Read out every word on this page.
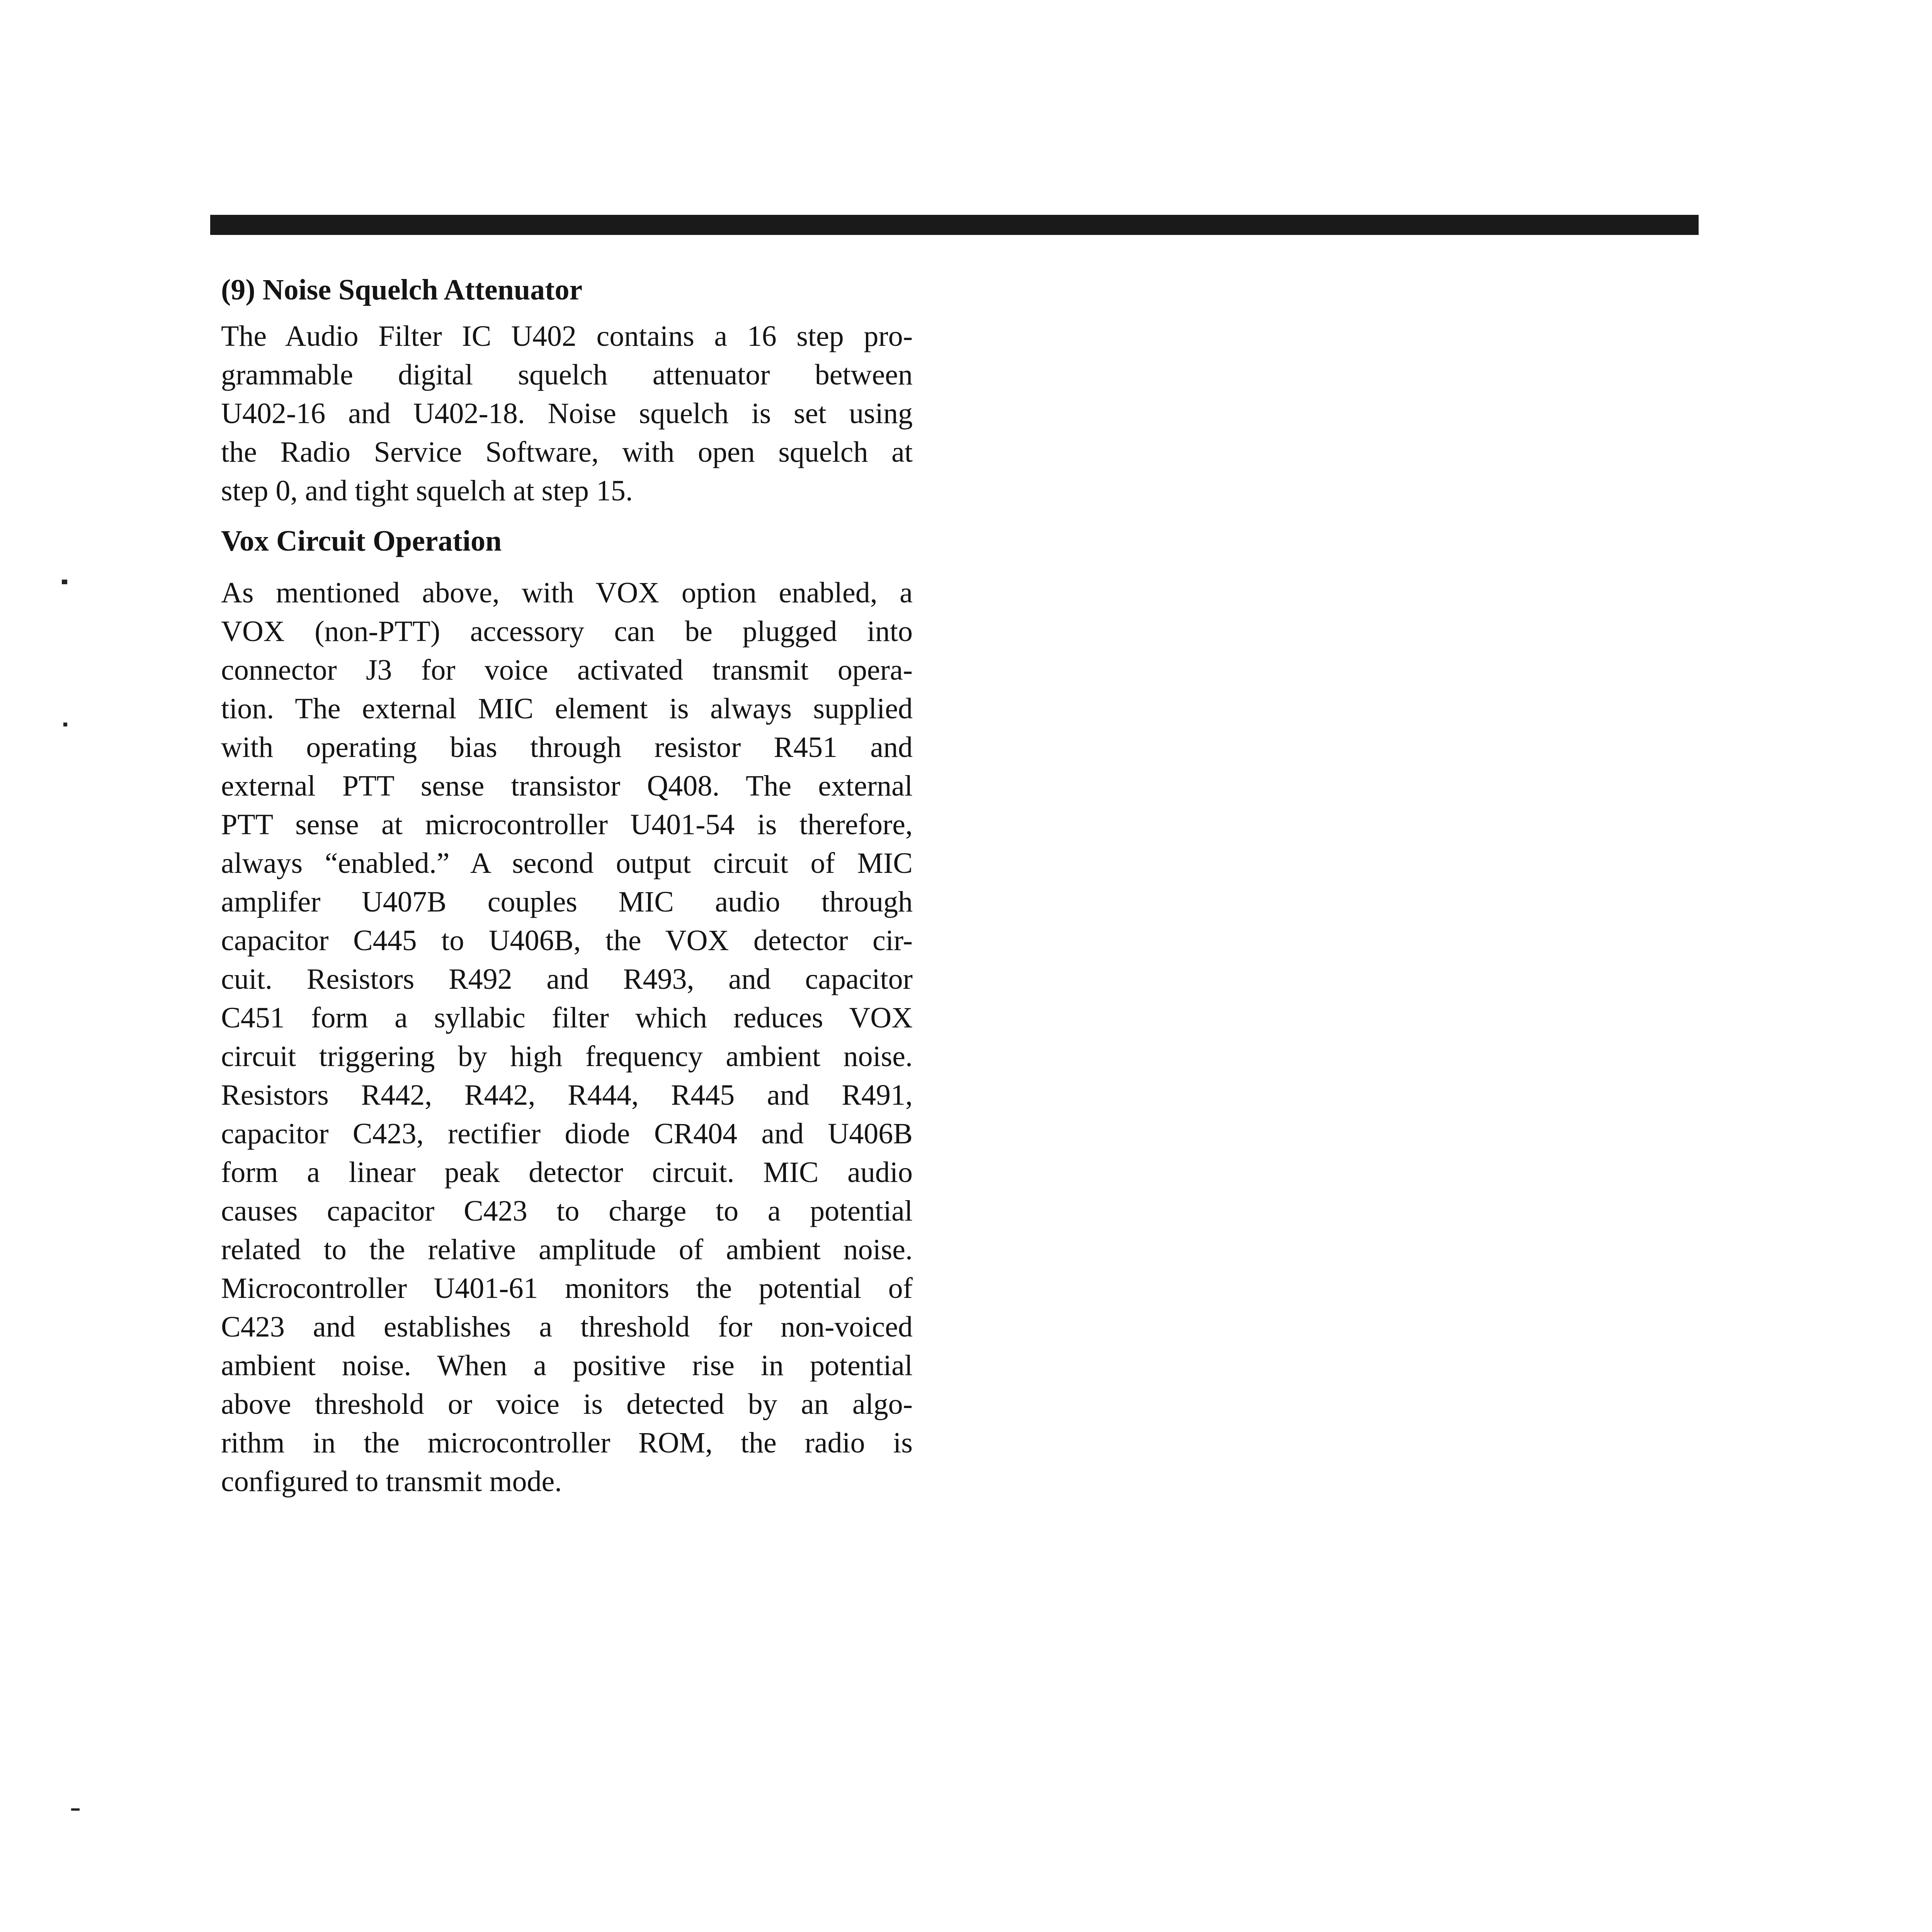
(9) Noise Squelch Attenuator
The Audio Filter IC U402 contains a 16 step pro-
grammable digital squelch attenuator between
U402-16 and U402-18. Noise squelch is set using
the Radio Service Software, with open squelch at
step 0, and tight squelch at step 15.
Vox Circuit Operation
As mentioned above, with VOX option enabled, a
VOX (non-PTT) accessory can be plugged into
connector J3 for voice activated transmit opera-
tion. The external MIC element is always supplied
with operating bias through resistor R451 and
external PTT sense transistor Q408. The external
PTT sense at microcontroller U401-54 is therefore,
always “enabled.” A second output circuit of MIC
amplifer U407B couples MIC audio through
capacitor C445 to U406B, the VOX detector cir-
cuit. Resistors R492 and R493, and capacitor
C451 form a syllabic filter which reduces VOX
circuit triggering by high frequency ambient noise.
Resistors R442, R442, R444, R445 and R491,
capacitor C423, rectifier diode CR404 and U406B
form a linear peak detector circuit. MIC audio
causes capacitor C423 to charge to a potential
related to the relative amplitude of ambient noise.
Microcontroller U401-61 monitors the potential of
C423 and establishes a threshold for non-voiced
ambient noise. When a positive rise in potential
above threshold or voice is detected by an algo-
rithm in the microcontroller ROM, the radio is
configured to transmit mode.
